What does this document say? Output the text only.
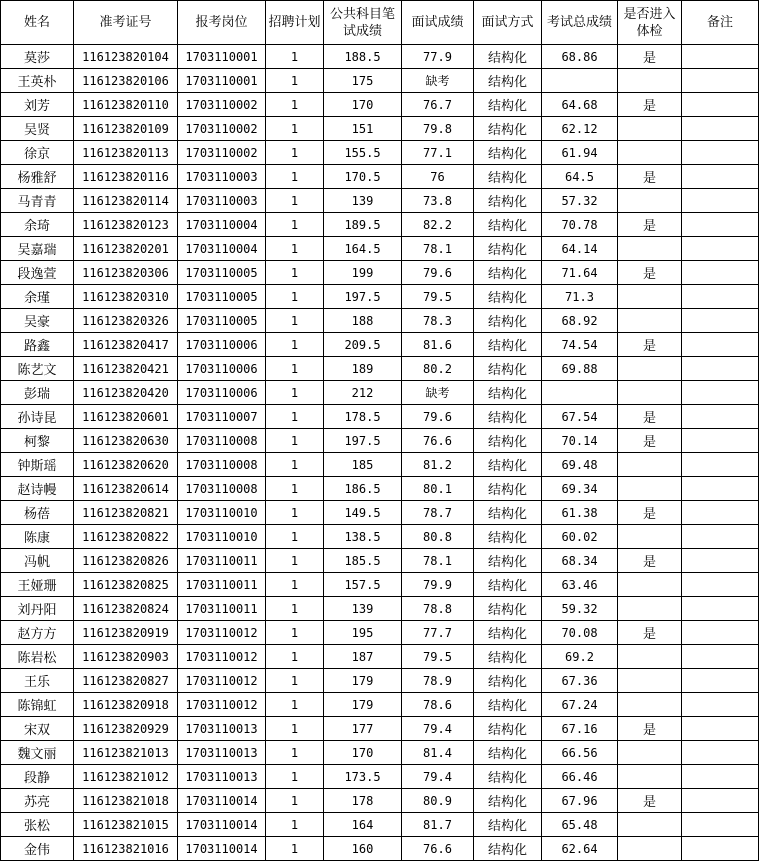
姓名	准考证号	报考岗位	招聘计划	公共科目笔试成绩	面试成绩	面试方式	考试总成绩	是否进入体检	备注
莫莎	116123820104	1703110001	1	188.5	77.9	结构化	68.86	是	
王英朴	116123820106	1703110001	1	175	缺考	结构化			
刘芳	116123820110	1703110002	1	170	76.7	结构化	64.68	是	
吴贤	116123820109	1703110002	1	151	79.8	结构化	62.12		
徐京	116123820113	1703110002	1	155.5	77.1	结构化	61.94		
杨雅舒	116123820116	1703110003	1	170.5	76	结构化	64.5	是	
马青青	116123820114	1703110003	1	139	73.8	结构化	57.32		
余琦	116123820123	1703110004	1	189.5	82.2	结构化	70.78	是	
吴嘉瑞	116123820201	1703110004	1	164.5	78.1	结构化	64.14		
段逸萱	116123820306	1703110005	1	199	79.6	结构化	71.64	是	
余瑾	116123820310	1703110005	1	197.5	79.5	结构化	71.3		
吴豪	116123820326	1703110005	1	188	78.3	结构化	68.92		
路鑫	116123820417	1703110006	1	209.5	81.6	结构化	74.54	是	
陈艺文	116123820421	1703110006	1	189	80.2	结构化	69.88		
彭瑞	116123820420	1703110006	1	212	缺考	结构化			
孙诗昆	116123820601	1703110007	1	178.5	79.6	结构化	67.54	是	
柯黎	116123820630	1703110008	1	197.5	76.6	结构化	70.14	是	
钟斯瑶	116123820620	1703110008	1	185	81.2	结构化	69.48		
赵诗幔	116123820614	1703110008	1	186.5	80.1	结构化	69.34		
杨蓓	116123820821	1703110010	1	149.5	78.7	结构化	61.38	是	
陈康	116123820822	1703110010	1	138.5	80.8	结构化	60.02		
冯帆	116123820826	1703110011	1	185.5	78.1	结构化	68.34	是	
王娅珊	116123820825	1703110011	1	157.5	79.9	结构化	63.46		
刘丹阳	116123820824	1703110011	1	139	78.8	结构化	59.32		
赵方方	116123820919	1703110012	1	195	77.7	结构化	70.08	是	
陈岩松	116123820903	1703110012	1	187	79.5	结构化	69.2		
王乐	116123820827	1703110012	1	179	78.9	结构化	67.36		
陈锦虹	116123820918	1703110012	1	179	78.6	结构化	67.24		
宋双	116123820929	1703110013	1	177	79.4	结构化	67.16	是	
魏文丽	116123821013	1703110013	1	170	81.4	结构化	66.56		
段静	116123821012	1703110013	1	173.5	79.4	结构化	66.46		
苏亮	116123821018	1703110014	1	178	80.9	结构化	67.96	是	
张松	116123821015	1703110014	1	164	81.7	结构化	65.48		
金伟	116123821016	1703110014	1	160	76.6	结构化	62.64		
